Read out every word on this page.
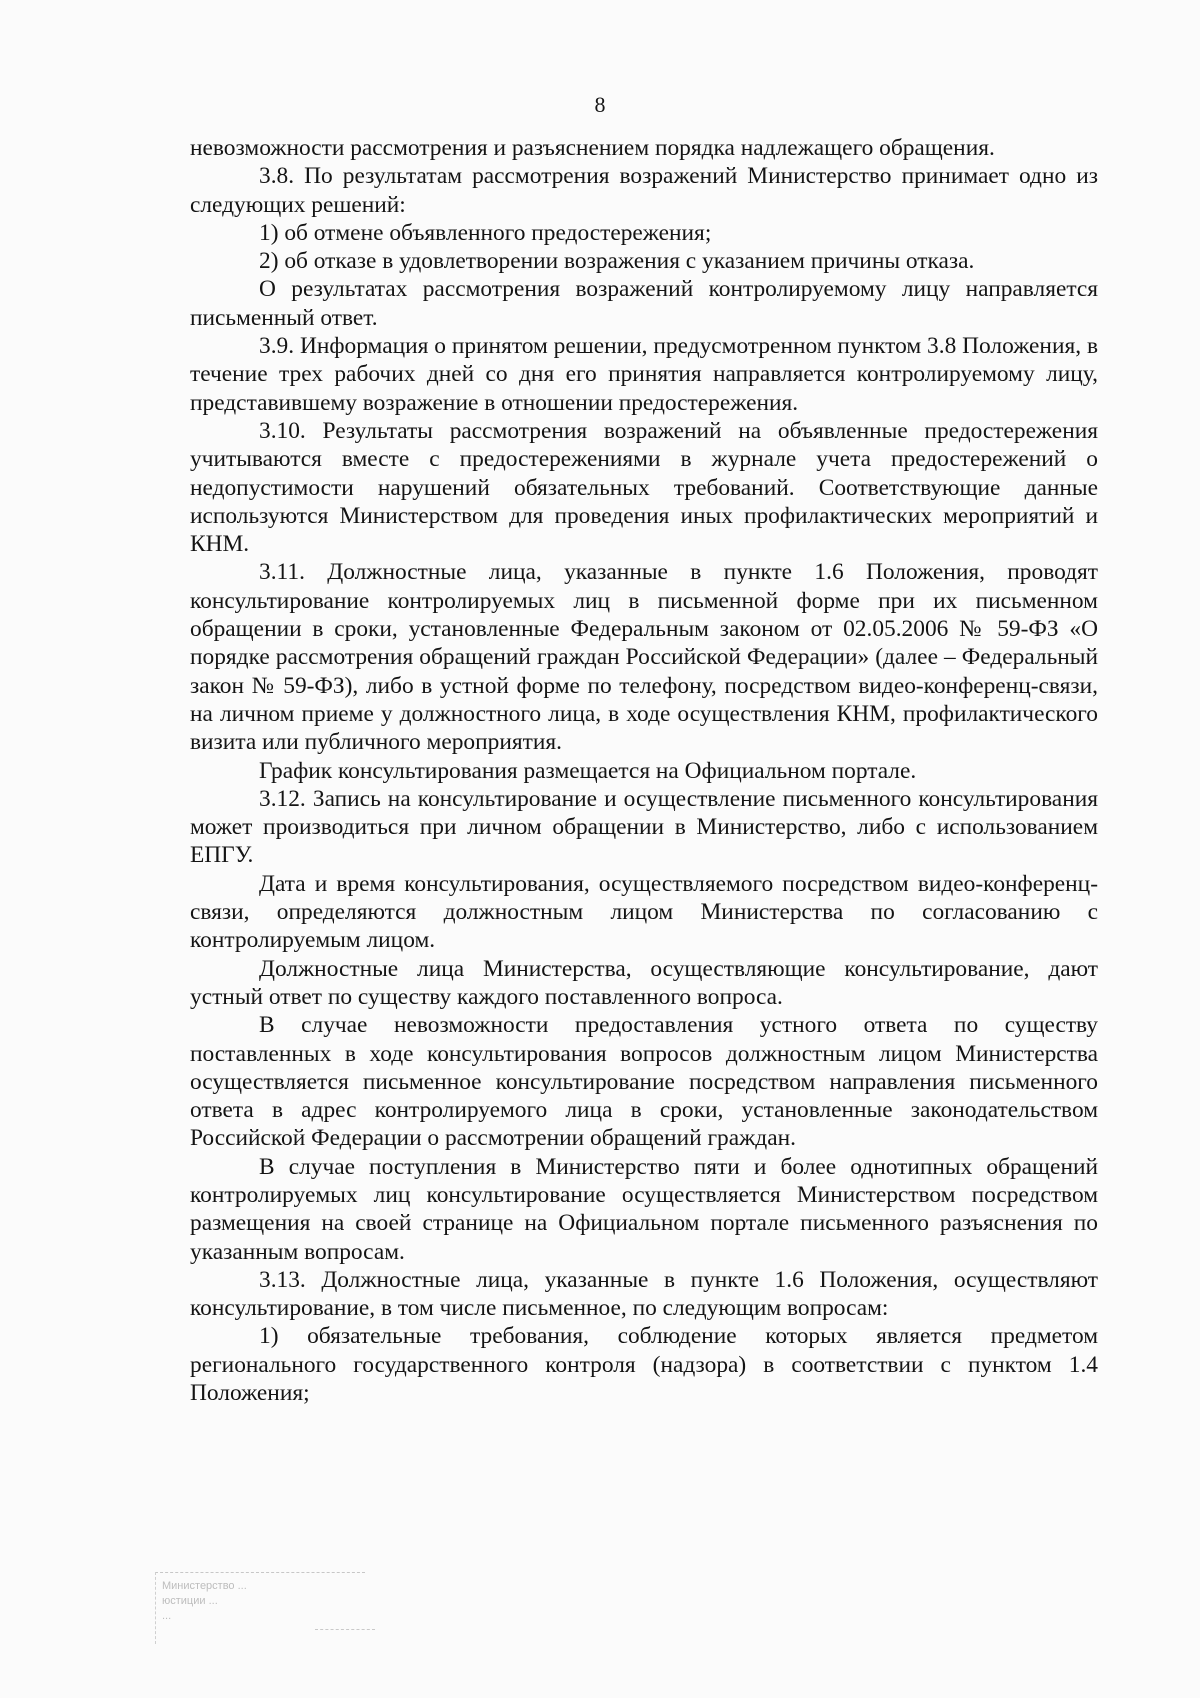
8

невозможности рассмотрения и разъяснением порядка надлежащего обращения.

3.8. По результатам рассмотрения возражений Министерство принимает одно из следующих решений:

1) об отмене объявленного предостережения;

2) об отказе в удовлетворении возражения с указанием причины отказа.

О результатах рассмотрения возражений контролируемому лицу направляется письменный ответ.

3.9. Информация о принятом решении, предусмотренном пунктом 3.8 Положения, в течение трех рабочих дней со дня его принятия направляется контролируемому лицу, представившему возражение в отношении предостережения.

3.10. Результаты рассмотрения возражений на объявленные предостережения учитываются вместе с предостережениями в журнале учета предостережений о недопустимости нарушений обязательных требований. Соответствующие данные используются Министерством для проведения иных профилактических мероприятий и КНМ.

3.11. Должностные лица, указанные в пункте 1.6 Положения, проводят консультирование контролируемых лиц в письменной форме при их письменном обращении в сроки, установленные Федеральным законом от 02.05.2006 № 59-ФЗ «О порядке рассмотрения обращений граждан Российской Федерации» (далее – Федеральный закон № 59-ФЗ), либо в устной форме по телефону, посредством видео-конференц-связи, на личном приеме у должностного лица, в ходе осуществления КНМ, профилактического визита или публичного мероприятия.

График консультирования размещается на Официальном портале.

3.12. Запись на консультирование и осуществление письменного консультирования может производиться при личном обращении в Министерство, либо с использованием ЕПГУ.

Дата и время консультирования, осуществляемого посредством видео-конференц-связи, определяются должностным лицом Министерства по согласованию с контролируемым лицом.

Должностные лица Министерства, осуществляющие консультирование, дают устный ответ по существу каждого поставленного вопроса.

В случае невозможности предоставления устного ответа по существу поставленных в ходе консультирования вопросов должностным лицом Министерства осуществляется письменное консультирование посредством направления письменного ответа в адрес контролируемого лица в сроки, установленные законодательством Российской Федерации о рассмотрении обращений граждан.

В случае поступления в Министерство пяти и более однотипных обращений контролируемых лиц консультирование осуществляется Министерством посредством размещения на своей странице на Официальном портале письменного разъяснения по указанным вопросам.

3.13. Должностные лица, указанные в пункте 1.6 Положения, осуществляют консультирование, в том числе письменное, по следующим вопросам:

1) обязательные требования, соблюдение которых является предметом регионального государственного контроля (надзора) в соответствии с пунктом 1.4 Положения;

Министерство ...
юстиции ...
...
